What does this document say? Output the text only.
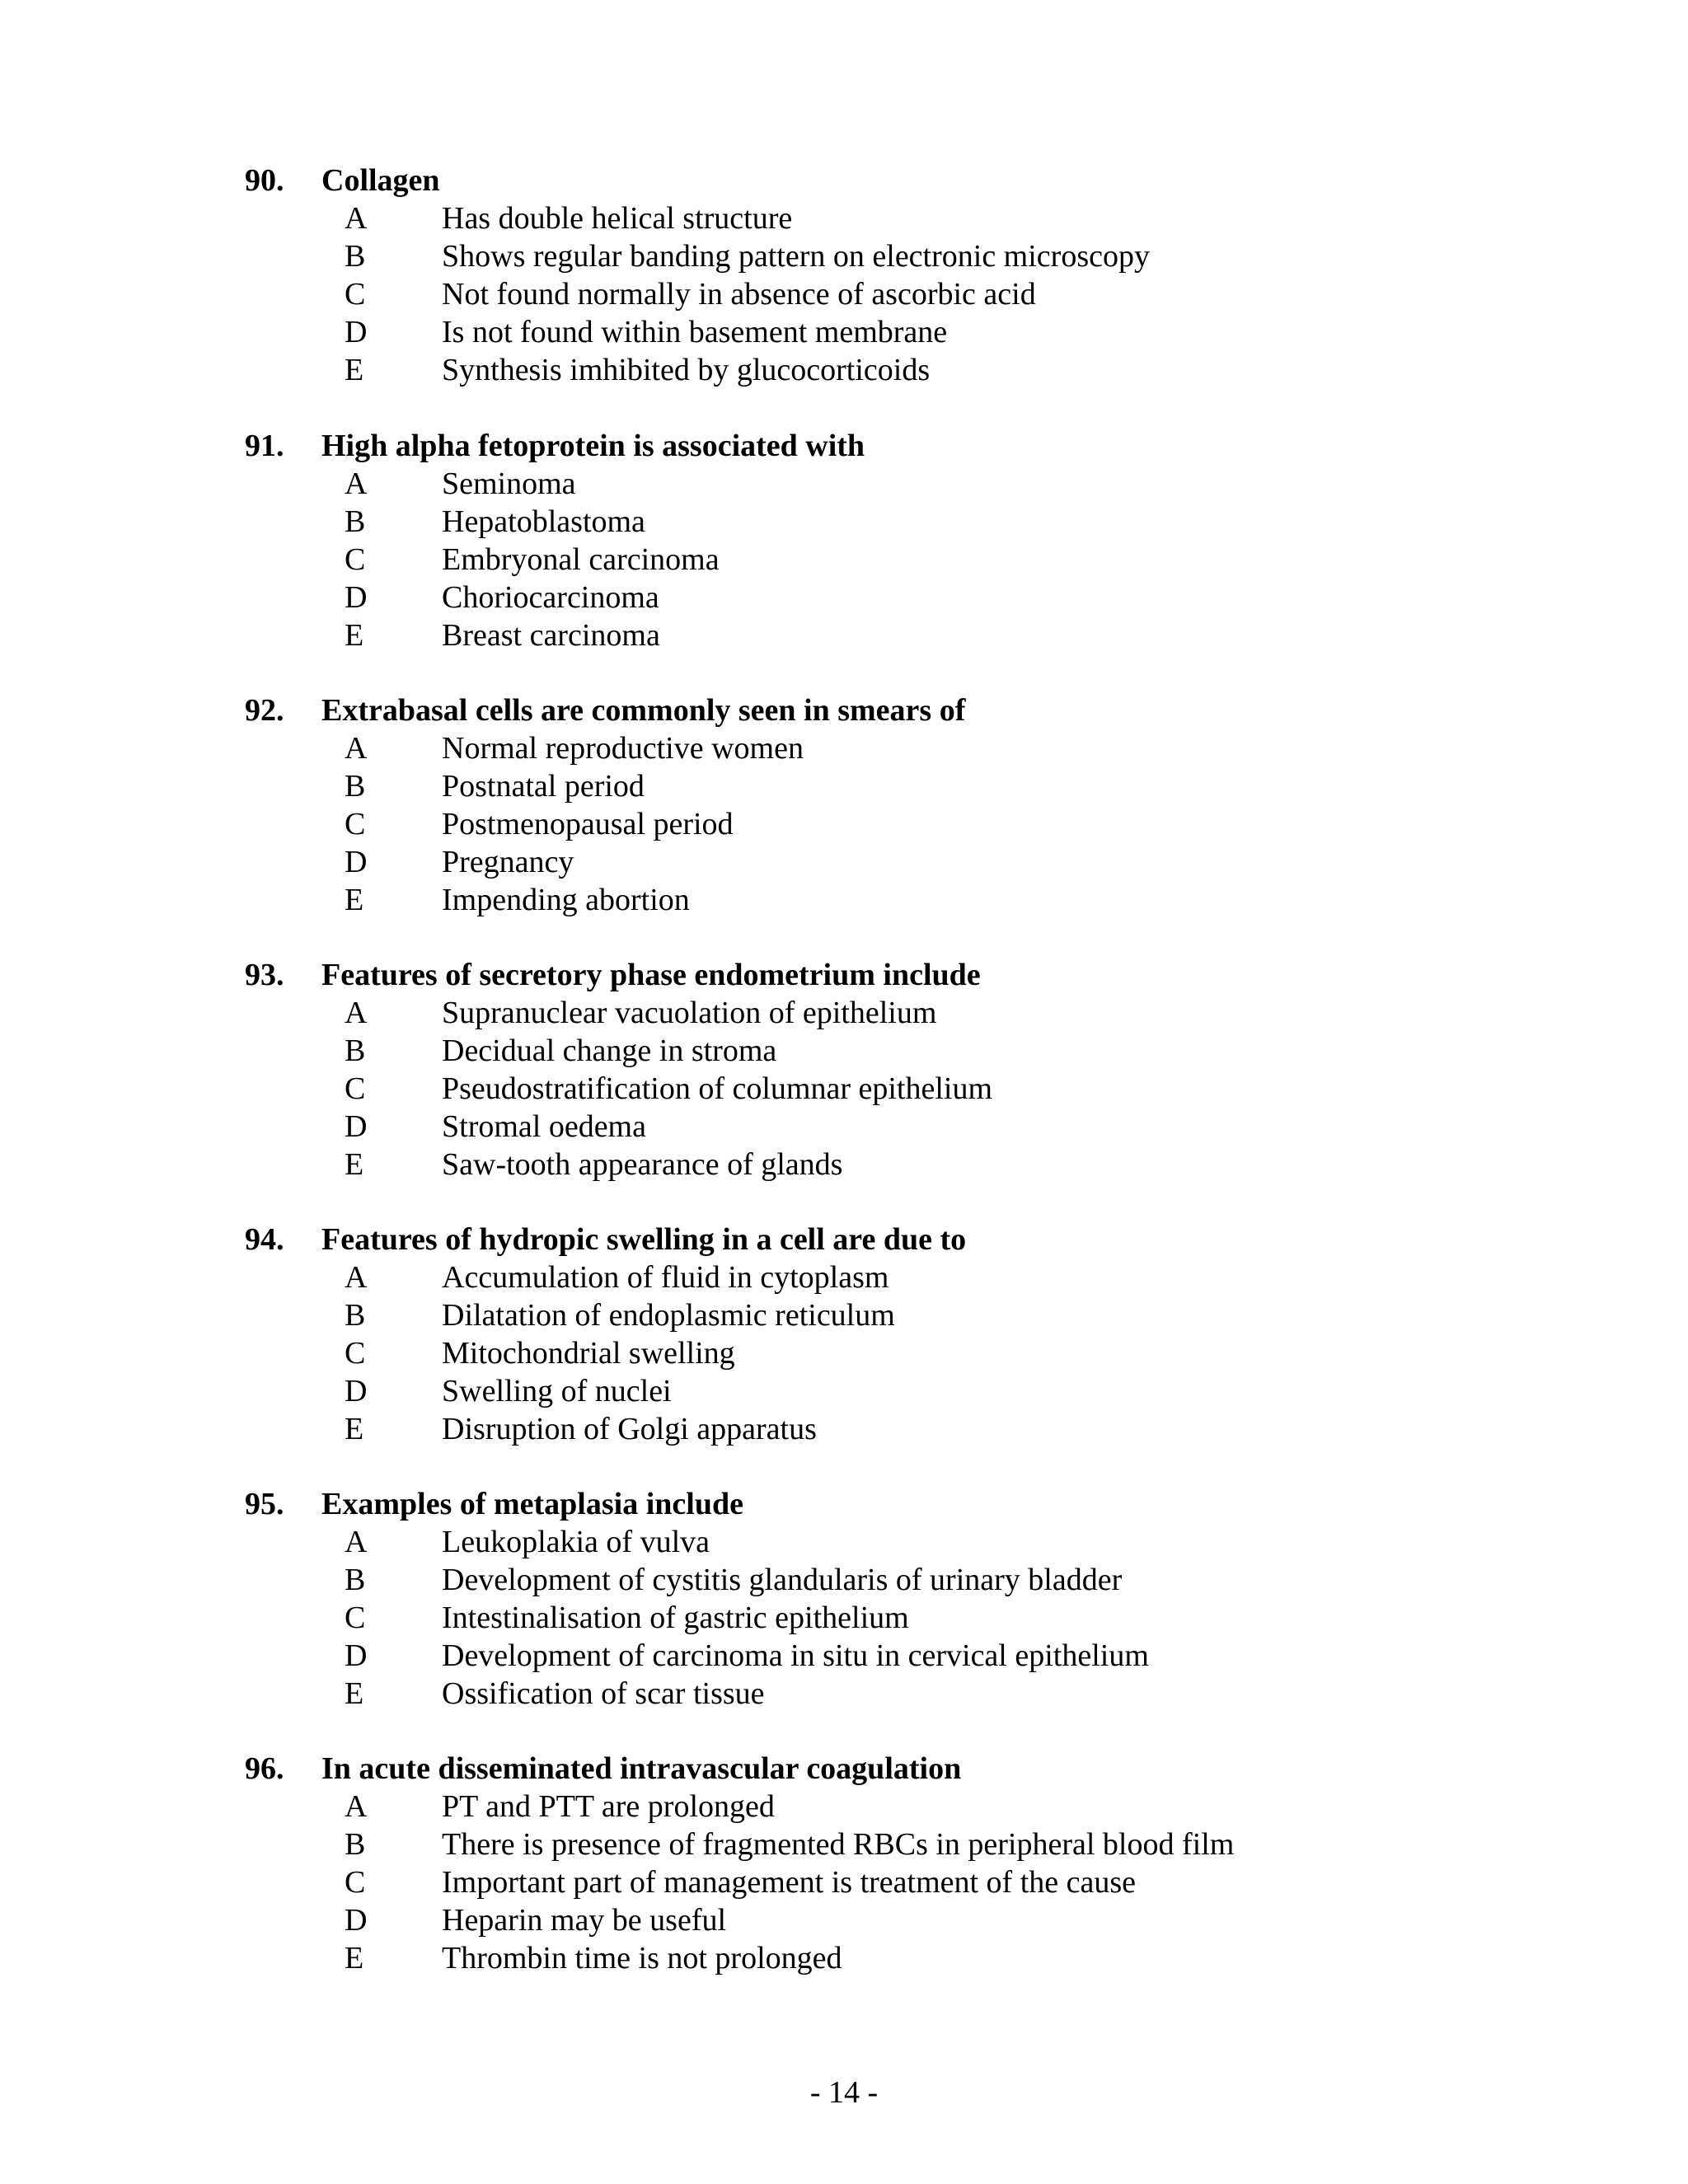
90. Collagen
A Has double helical structure
B Shows regular banding pattern on electronic microscopy
C Not found normally in absence of ascorbic acid
D Is not found within basement membrane
E Synthesis imhibited by glucocorticoids
91. High alpha fetoprotein is associated with
A Seminoma
B Hepatoblastoma
C Embryonal carcinoma
D Choriocarcinoma
E Breast carcinoma
92. Extrabasal cells are commonly seen in smears of
A Normal reproductive women
B Postnatal period
C Postmenopausal period
D Pregnancy
E Impending abortion
93. Features of secretory phase endometrium include
A Supranuclear vacuolation of epithelium
B Decidual change in stroma
C Pseudostratification of columnar epithelium
D Stromal oedema
E Saw-tooth appearance of glands
94. Features of hydropic swelling in a cell are due to
A Accumulation of fluid in cytoplasm
B Dilatation of endoplasmic reticulum
C Mitochondrial swelling
D Swelling of nuclei
E Disruption of Golgi apparatus
95. Examples of metaplasia include
A Leukoplakia of vulva
B Development of cystitis glandularis of urinary bladder
C Intestinalisation of gastric epithelium
D Development of carcinoma in situ in cervical epithelium
E Ossification of scar tissue
96. In acute disseminated intravascular coagulation
A PT and PTT are prolonged
B There is presence of fragmented RBCs in peripheral blood film
C Important part of management is treatment of the cause
D Heparin may be useful
E Thrombin time is not prolonged
- 14 -
